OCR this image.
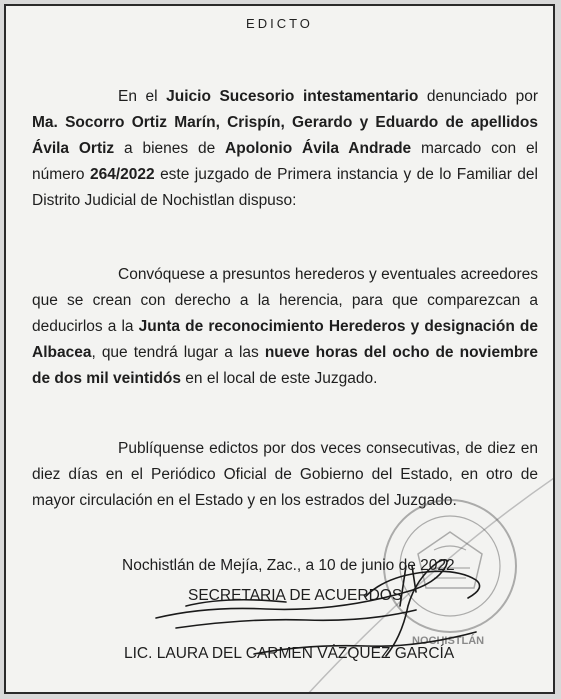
EDICTO

En el Juicio Sucesorio intestamentario denunciado por Ma. Socorro Ortiz Marín, Crispín, Gerardo y Eduardo de apellidos Ávila Ortiz a bienes de Apolonio Ávila Andrade marcado con el número 264/2022 este juzgado de Primera instancia y de lo Familiar del Distrito Judicial de Nochistlan dispuso:

Convóquese a presuntos herederos y eventuales acreedores que se crean con derecho a la herencia, para que comparezcan a deducirlos a la Junta de reconocimiento Herederos y designación de Albacea, que tendrá lugar a las nueve horas del ocho de noviembre de dos mil veintidós en el local de este Juzgado.

Publíquense edictos por dos veces consecutivas, de diez en diez días en el Periódico Oficial de Gobierno del Estado, en otro de mayor circulación en el Estado y en los estrados del Juzgado.

NOCHISTLÁN
Nochistlán de Mejía, Zac., a 10 de junio de 2022
SECRETARIA DE ACUERDOS
LIC. LAURA DEL CARMEN VÁZQUEZ GARCÍA
